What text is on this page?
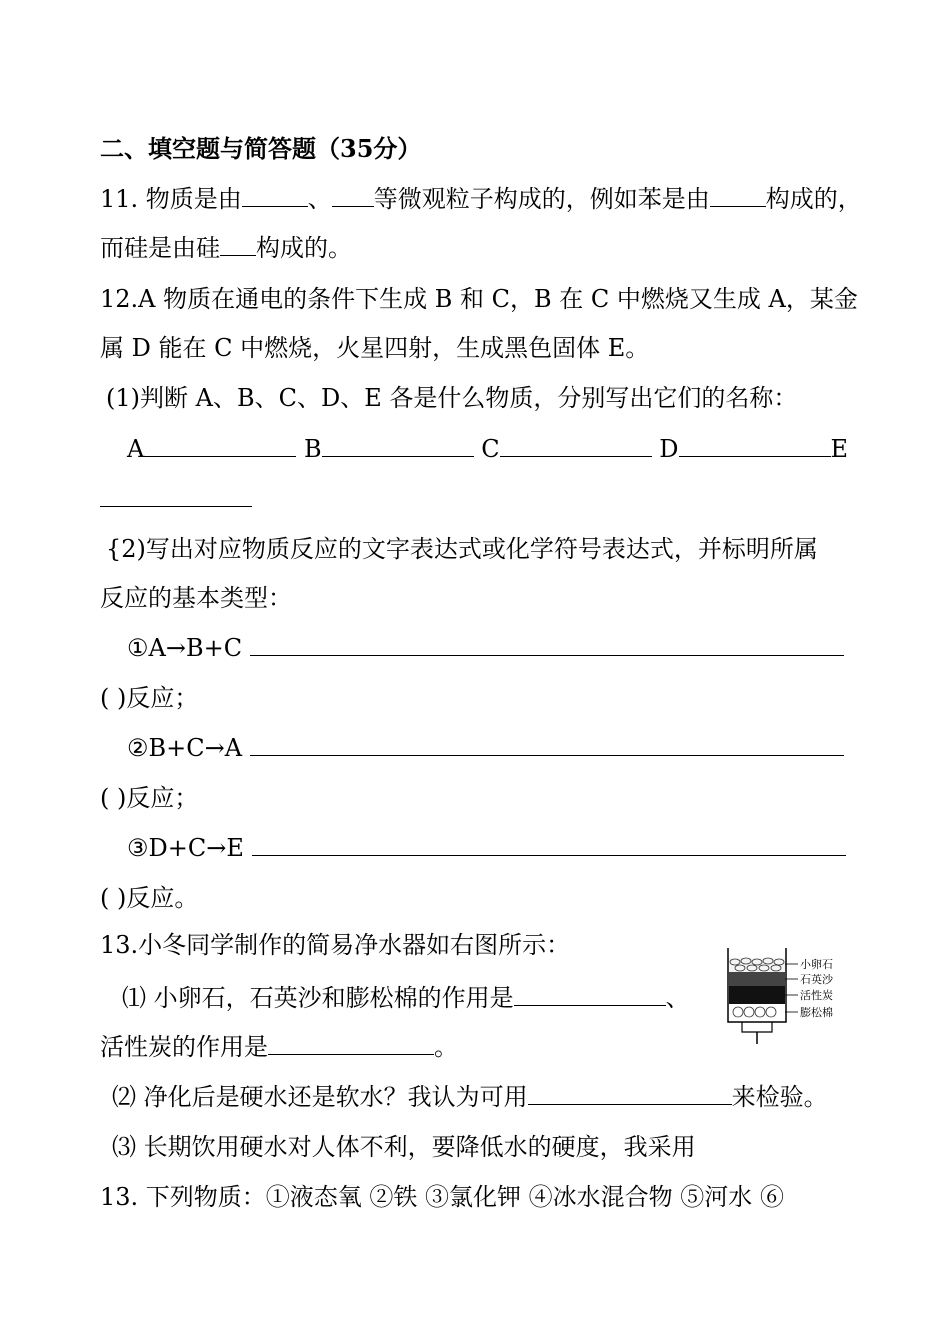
二、填空题与简答题（35分）
11. 物质是由	、 等微观粒子构成的，例如苯是由 构成的，
而硅是由硅 构成的。
12.A 物质在通电的条件下生成 B 和 C，B 在 C 中燃烧又生成 A，某金
属 D 能在 C 中燃烧，火星四射，生成黑色固体 E。
(1)判断 A、B、C、D、E 各是什么物质，分别写出它们的名称：
A	B	C	D	E
{2)写出对应物质反应的文字表达式或化学符号表达式，并标明所属
反应的基本类型：
①A→B+C
( )反应；
②B+C→A
( )反应；
③D+C→E
( )反应。
13.小冬同学制作的简易净水器如右图所示：
⑴ 小卵石，石英沙和膨松棉的作用是	、
活性炭的作用是	。
⑵ 净化后是硬水还是软水？我认为可用	来检验。
⑶ 长期饮用硬水对人体不利，要降低水的硬度，我采用
13. 下列物质：①液态氧 ②铁 ③氯化钾 ④冰水混合物 ⑤河水 ⑥
小卵石
石英沙
活性炭
膨松棉
